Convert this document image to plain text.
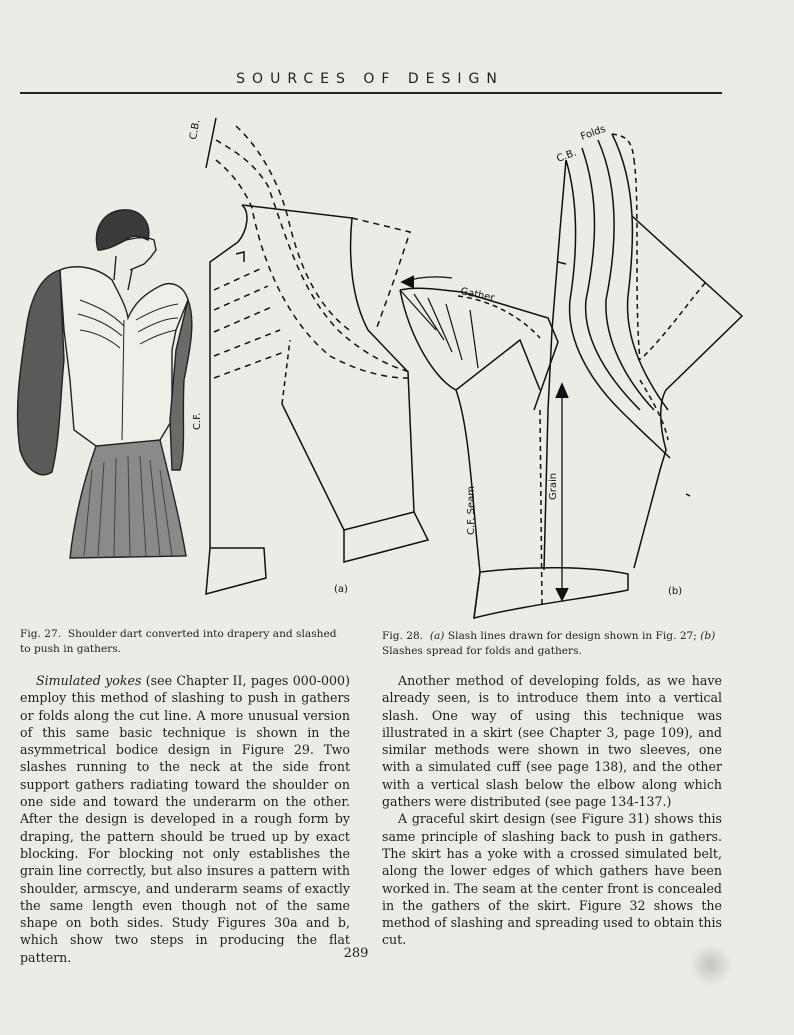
SOURCES OF DESIGN
C.B.
C.F.
(a)
C.B.
Folds
Gather
Grain
C.F. Seam
(b)
Fig. 27. Shoulder dart converted into drapery and slashed to push in gathers.
Fig. 28. (a) Slash lines drawn for design shown in Fig. 27; (b) Slashes spread for folds and gathers.

Simulated yokes (see Chapter II, pages 000-000) employ this method of slashing to push in gathers or folds along the cut line. A more unusual version of this same basic technique is shown in the asymmetrical bodice design in Figure 29. Two slashes running to the neck at the side front support gathers radiating toward the shoulder on one side and toward the underarm on the other. After the design is developed in a rough form by draping, the pattern should be trued up by exact blocking. For blocking not only establishes the grain line correctly, but also insures a pattern with shoulder, armscye, and underarm seams of exactly the same length even though not of the same shape on both sides. Study Figures 30a and b, which show two steps in producing the flat pattern.

Another method of developing folds, as we have already seen, is to introduce them into a vertical slash. One way of using this technique was illustrated in a skirt (see Chapter 3, page 109), and similar methods were shown in two sleeves, one with a simulated cuff (see page 138), and the other with a vertical slash below the elbow along which gathers were distributed (see page 134-137.)

A graceful skirt design (see Figure 31) shows this same principle of slashing back to push in gathers. The skirt has a yoke with a crossed simulated belt, along the lower edges of which gathers have been worked in. The seam at the center front is concealed in the gathers of the skirt. Figure 32 shows the method of slashing and spreading used to obtain this cut.

289
